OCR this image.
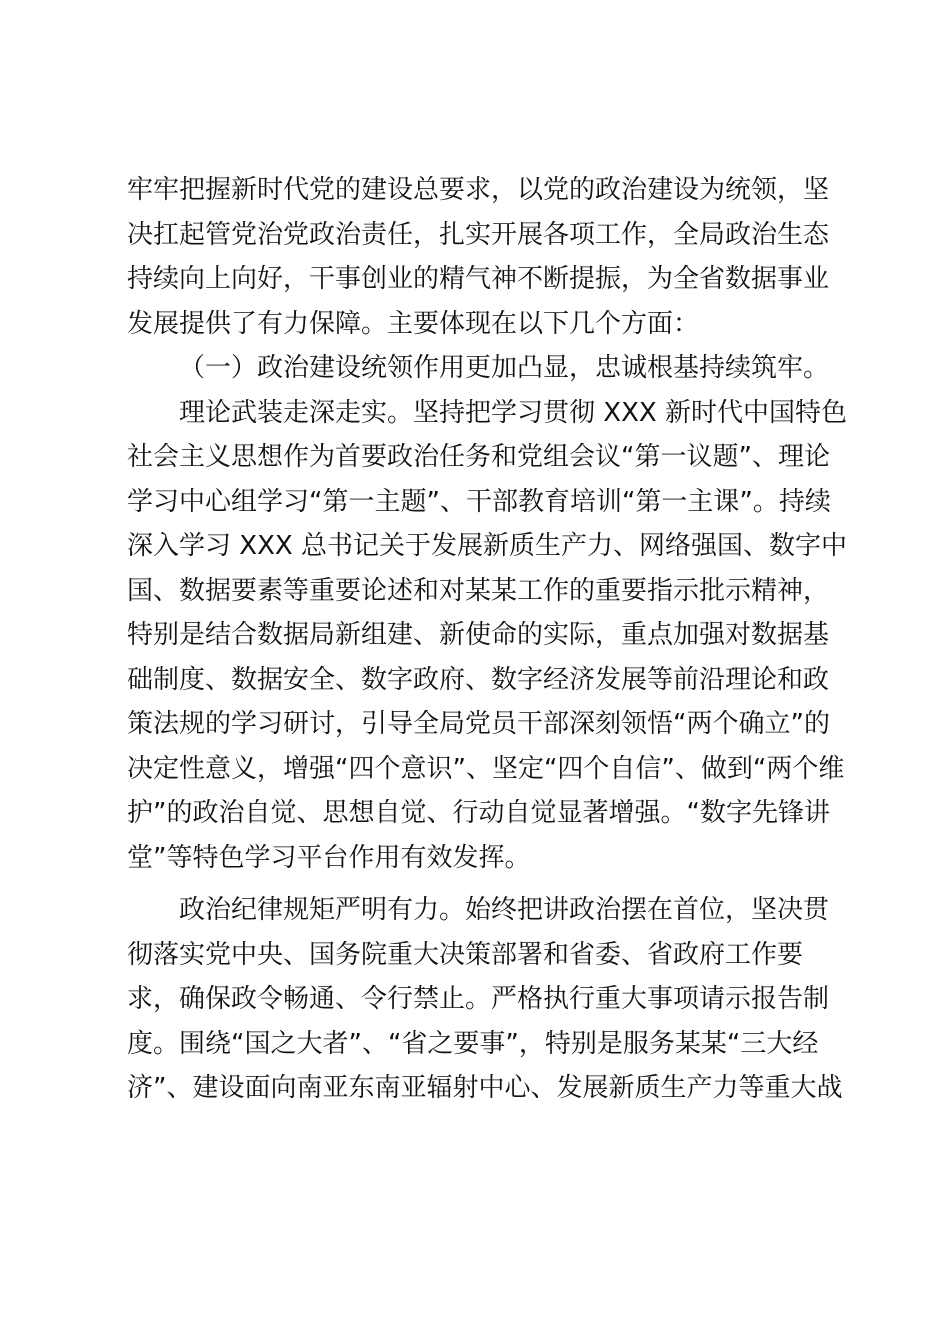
牢牢把握新时代党的建设总要求，以党的政治建设为统领，坚
决扛起管党治党政治责任，扎实开展各项工作，全局政治生态
持续向上向好，干事创业的精气神不断提振，为全省数据事业
发展提供了有力保障。主要体现在以下几个方面：
（一）政治建设统领作用更加凸显，忠诚根基持续筑牢。
理论武装走深走实。坚持把学习贯彻 XXX 新时代中国特色
社会主义思想作为首要政治任务和党组会议“第一议题”、理论
学习中心组学习“第一主题”、干部教育培训“第一主课”。持续
深入学习 XXX 总书记关于发展新质生产力、网络强国、数字中
国、数据要素等重要论述和对某某工作的重要指示批示精神，
特别是结合数据局新组建、新使命的实际，重点加强对数据基
础制度、数据安全、数字政府、数字经济发展等前沿理论和政
策法规的学习研讨，引导全局党员干部深刻领悟“两个确立”的
决定性意义，增强“四个意识”、坚定“四个自信”、做到“两个维
护”的政治自觉、思想自觉、行动自觉显著增强。“数字先锋讲
堂”等特色学习平台作用有效发挥。
政治纪律规矩严明有力。始终把讲政治摆在首位，坚决贯
彻落实党中央、国务院重大决策部署和省委、省政府工作要
求，确保政令畅通、令行禁止。严格执行重大事项请示报告制
度。围绕“国之大者”、“省之要事”，特别是服务某某“三大经
济”、建设面向南亚东南亚辐射中心、发展新质生产力等重大战
